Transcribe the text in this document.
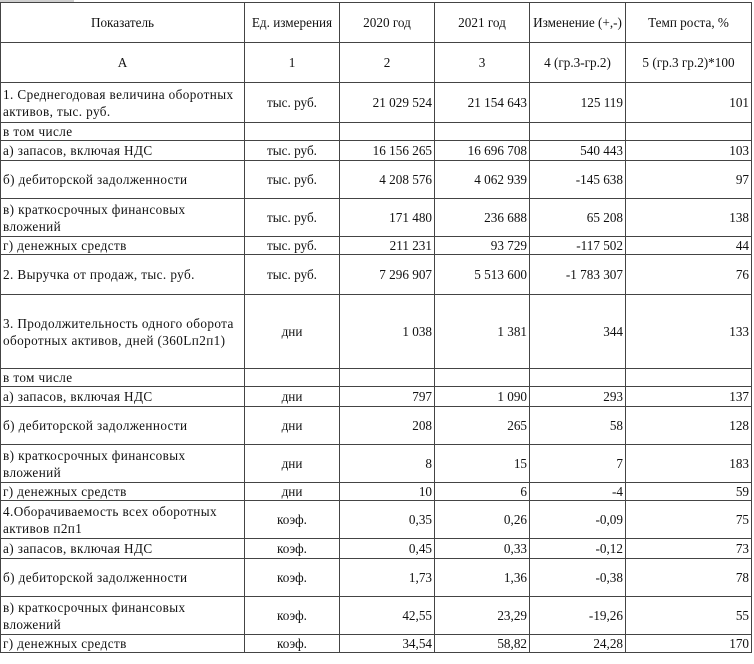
Показатель	Ед. измерения	2020 год	2021 год	Изменение (+,-)	Темп роста, %
А	1	2	3	4 (гр.3-гр.2)	5 (гр.3 гр.2)*100
1. Среднегодовая величина оборотных активов, тыс. руб.	тыс. руб.	21 029 524	21 154 643	125 119	101
в том числе					
а) запасов, включая НДС	тыс. руб.	16 156 265	16 696 708	540 443	103
б) дебиторской задолженности	тыс. руб.	4 208 576	4 062 939	-145 638	97
в) краткосрочных финансовых вложений	тыс. руб.	171 480	236 688	65 208	138
г) денежных средств	тыс. руб.	211 231	93 729	-117 502	44
2. Выручка от продаж, тыс. руб.	тыс. руб.	7 296 907	5 513 600	-1 783 307	76
3. Продолжительность одного оборота оборотных активов, дней (360Lп2п1)	дни	1 038	1 381	344	133
в том числе					
а) запасов, включая НДС	дни	797	1 090	293	137
б) дебиторской задолженности	дни	208	265	58	128
в) краткосрочных финансовых вложений	дни	8	15	7	183
г) денежных средств	дни	10	6	-4	59
4.Оборачиваемость всех оборотных активов п2п1	коэф.	0,35	0,26	-0,09	75
а) запасов, включая НДС	коэф.	0,45	0,33	-0,12	73
б) дебиторской задолженности	коэф.	1,73	1,36	-0,38	78
в) краткосрочных финансовых вложений	коэф.	42,55	23,29	-19,26	55
г) денежных средств	коэф.	34,54	58,82	24,28	170
